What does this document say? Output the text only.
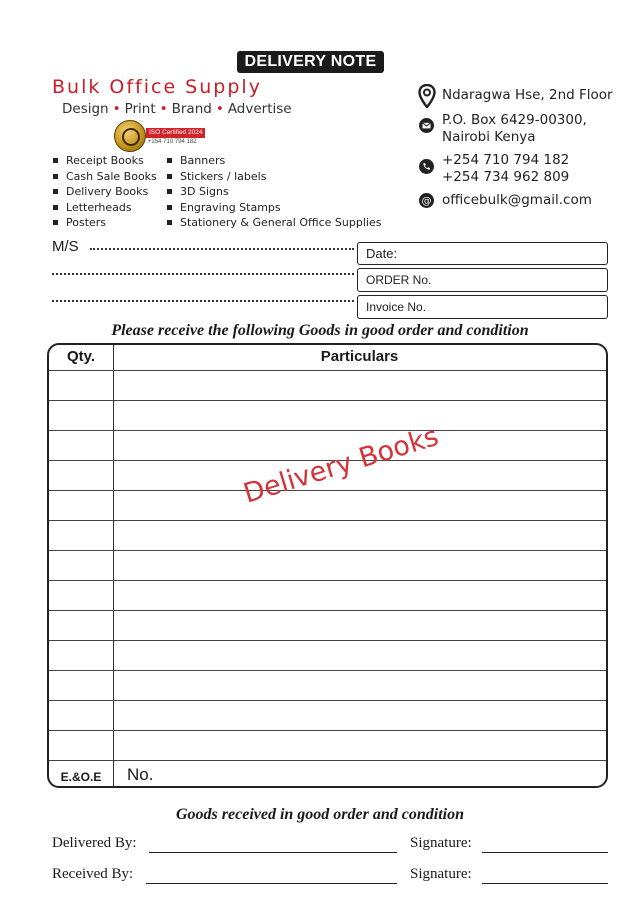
DELIVERY NOTE
Bulk Office Supply
Design • Print • Brand • Advertise
ISO Certified 2024
+254 710 794 182
Receipt Books
Cash Sale Books
Delivery Books
Letterheads
Posters
Banners
Stickers / labels
3D Signs
Engraving Stamps
Stationery & General Office Supplies
Ndaragwa Hse, 2nd Floor
P.O. Box 6429-00300,
Nairobi Kenya
+254 710 794 182
+254 734 962 809
@ officebulk@gmail.com
M/S	Date:
ORDER No.
Invoice No.
Please receive the following Goods in good order and condition
Qty.	Particulars
E.&O.E	No.
Delivery Books
Goods received in good order and condition
Delivered By:	Signature:
Received By:	Signature:
